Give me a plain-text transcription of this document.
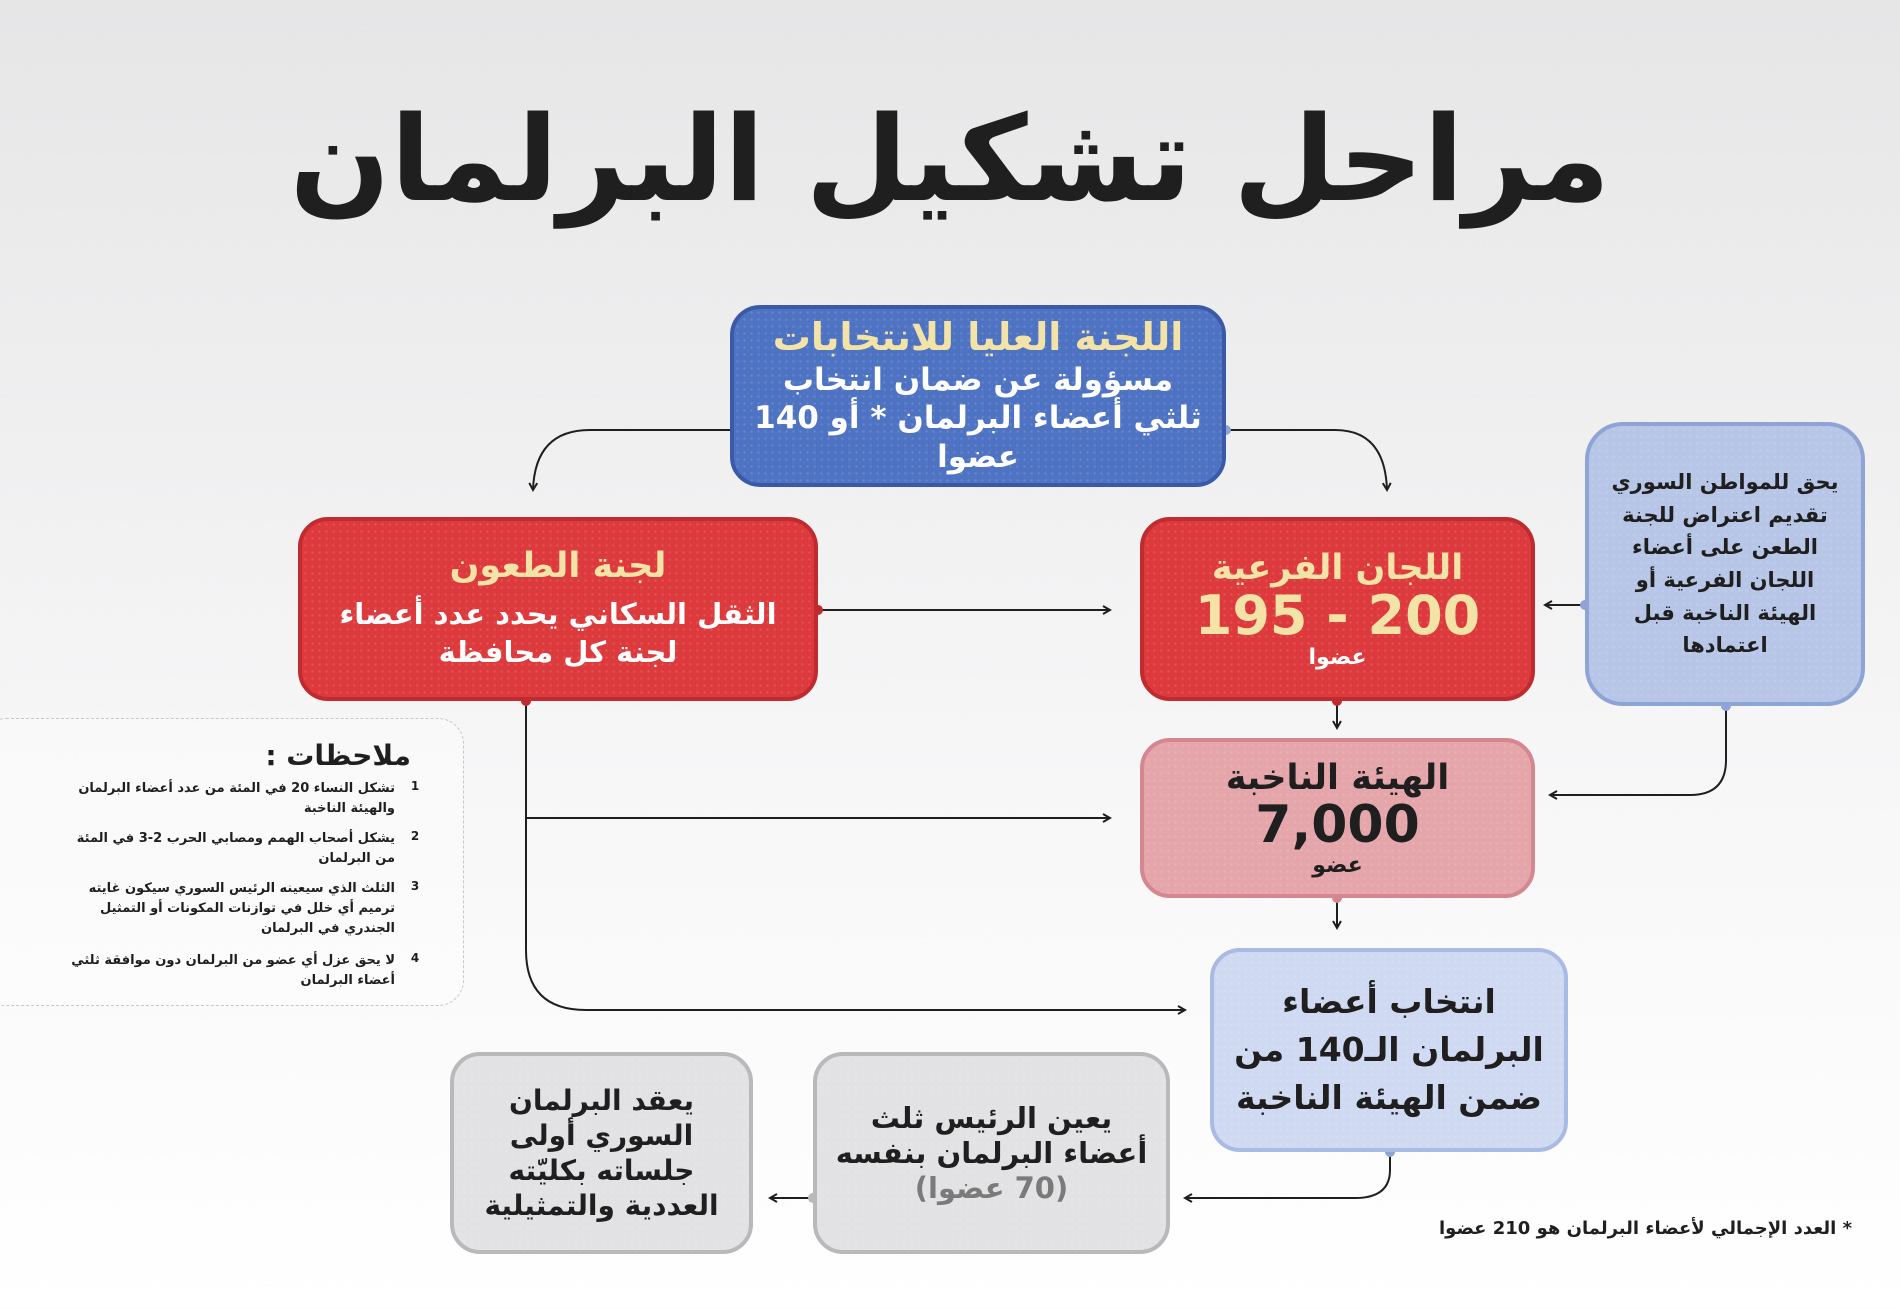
مراحل تشكيل البرلمان
اللجنة العليا للانتخابات
مسؤولة عن ضمان انتخاب ثلثي أعضاء البرلمان * أو 140 عضوا
لجنة الطعون
الثقل السكاني يحدد عدد أعضاء لجنة كل محافظة
اللجان الفرعية
195 - 200
عضوا
الهيئة الناخبة
7,000
عضو
يحق للمواطن السوري تقديم اعتراض للجنة الطعن على أعضاء اللجان الفرعية أو الهيئة الناخبة قبل اعتمادها
انتخاب أعضاء البرلمان الـ140 من ضمن الهيئة الناخبة
يعين الرئيس ثلث أعضاء البرلمان بنفسه
(70 عضوا)
يعقد البرلمان السوري أولى جلساته بكليّته العددية والتمثيلية
ملاحظات :
1
تشكل النساء 20 في المئة من عدد أعضاء البرلمان والهيئة الناخبة
2
يشكل أصحاب الهمم ومصابي الحرب 2-3 في المئة من البرلمان
3
الثلث الذي سيعينه الرئيس السوري سيكون غايته ترميم أي خلل في توازنات المكونات أو التمثيل الجندري في البرلمان
4
لا يحق عزل أي عضو من البرلمان دون موافقة ثلثي أعضاء البرلمان
* العدد الإجمالي لأعضاء البرلمان هو 210 عضوا
